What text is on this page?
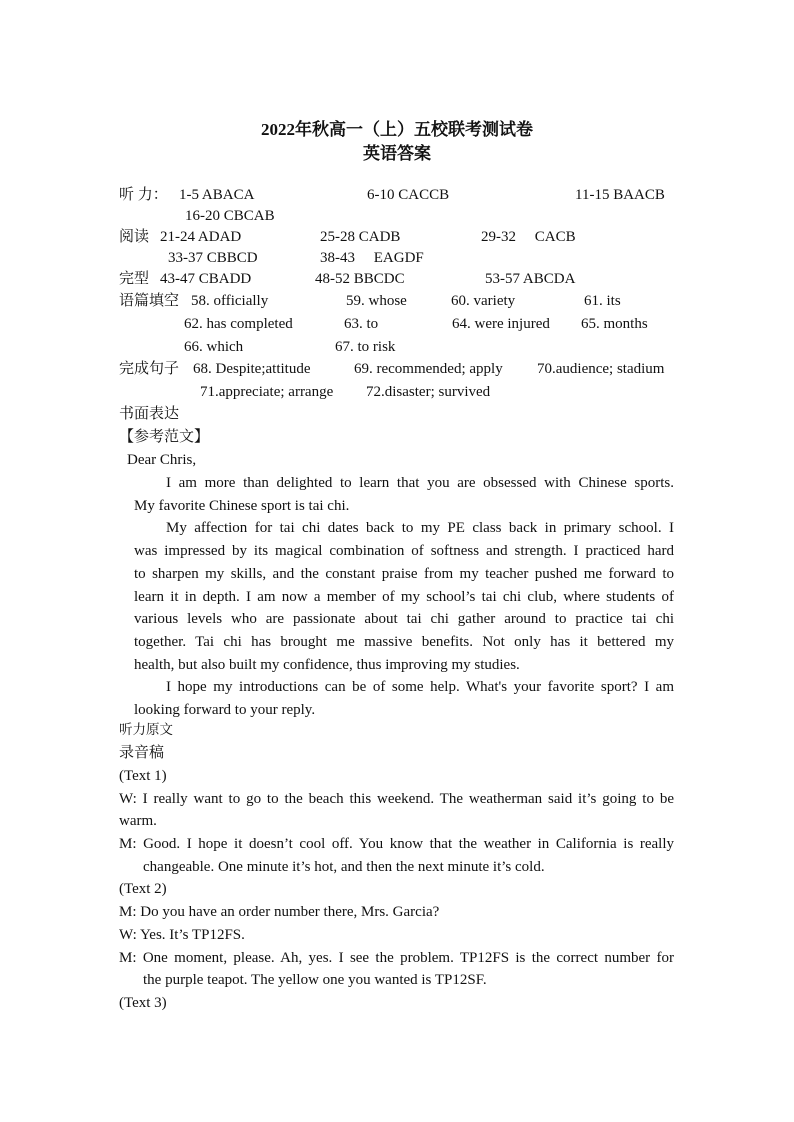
2022年秋高一（上）五校联考测试卷
英语答案
听 力： 1-5 ABACA	6-10 CACCB	11-15 BAACB
16-20 CBCAB
阅读 21-24 ADAD	25-28 CADB	29-32 　CACB
33-37 CBBCD	38-43 　EAGDF
完型 43-47 CBADD	48-52 BBCDC	53-57 ABCDA
语篇填空 58. officially	59. whose	60. variety	61. its
62. has completed	63. to	64. were injured 65. months
66. which	67. to risk
完成句子 68. Despite;attitude	69. recommended; apply 70.audience; stadium
71.appreciate; arrange 72.disaster; survived
书面表达
【参考范文】
Dear Chris,
I am more than delighted to learn that you are obsessed with Chinese sports.
My favorite Chinese sport is tai chi.
My affection for tai chi dates back to my PE class back in primary school. I
was impressed by its magical combination of softness and strength. I practiced hard
to sharpen my skills, and the constant praise from my teacher pushed me forward to
learn it in depth. I am now a member of my school’s tai chi club, where students of
various levels who are passionate about tai chi gather around to practice tai chi
together. Tai chi has brought me massive benefits. Not only has it bettered my
health, but also built my confidence, thus improving my studies.
I hope my introductions can be of some help. What's your favorite sport? I am
looking forward to your reply.
听力原文
录音稿
(Text 1)
W: I really want to go to the beach this weekend. The weatherman said it’s going to be
warm.
M: Good. I hope it doesn’t cool off. You know that the weather in California is really
changeable. One minute it’s hot, and then the next minute it’s cold.
(Text 2)
M: Do you have an order number there, Mrs. Garcia?
W: Yes. It’s TP12FS.
M: One moment, please. Ah, yes. I see the problem. TP12FS is the correct number for
the purple teapot. The yellow one you wanted is TP12SF.
(Text 3)
